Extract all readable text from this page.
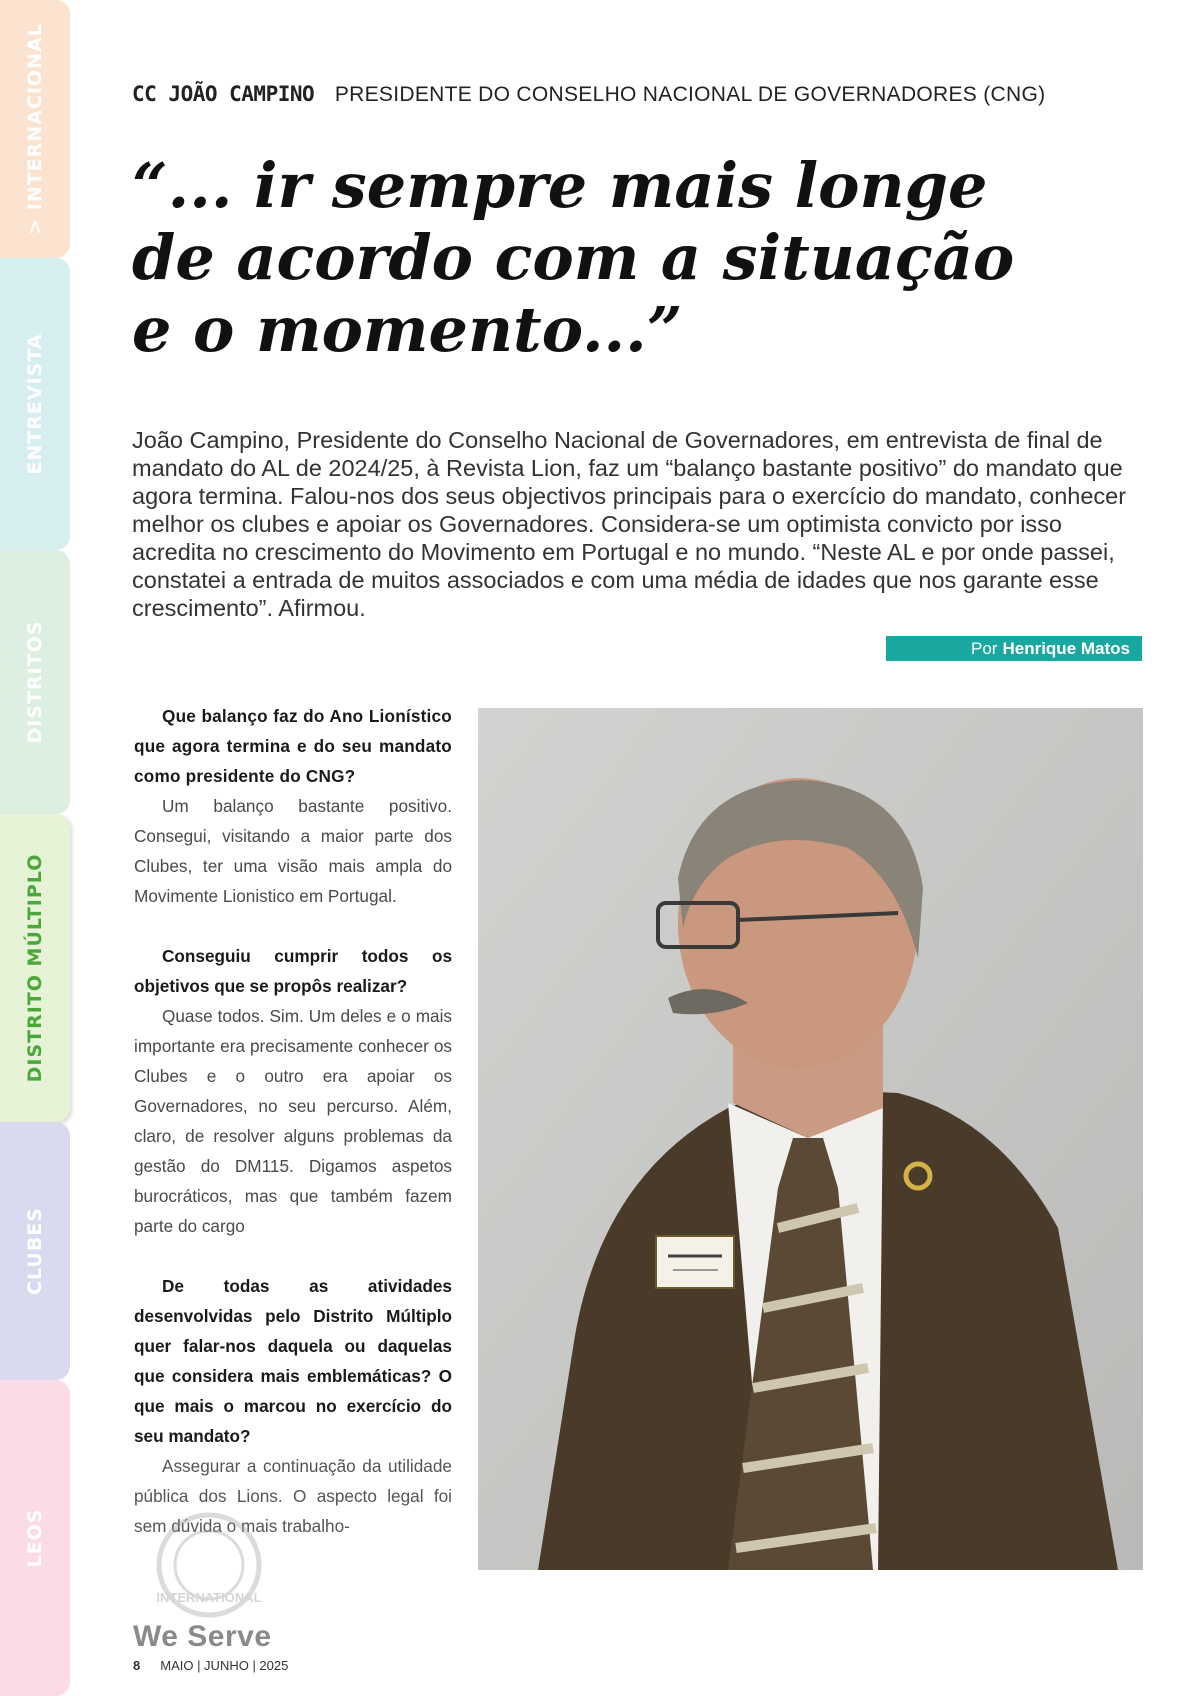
> INTERNACIONAL
ENTREVISTA
DISTRITOS
DISTRITO MÚLTIPLO
CLUBES
LEOS
CC JOÃO CAMPINO PRESIDENTE DO CONSELHO NACIONAL DE GOVERNADORES (CNG)
“... ir sempre mais longe
de acordo com a situação
e o momento...”

João Campino, Presidente do Conselho Nacional de Governadores, em entrevista de final de mandato do AL de 2024/25, à Revista Lion, faz um “balanço bastante positivo” do mandato que agora termina. Falou-nos dos seus objectivos principais para o exercício do mandato, conhecer melhor os clubes e apoiar os Governadores. Considera-se um optimista convicto por isso acredita no crescimento do Movimento em Portugal e no mundo. “Neste AL e por onde passei, constatei a entrada de muitos associados e com uma média de idades que nos garante esse crescimento”. Afirmou.

Por Henrique Matos

Que balanço faz do Ano Lionístico que agora termina e do seu mandato como presidente do CNG?

Um balanço bastante positivo. Consegui, visitando a maior parte dos Clubes, ter uma visão mais ampla do Movimente Lionistico em Portugal.

Conseguiu cumprir todos os objetivos que se propôs realizar?

Quase todos. Sim. Um deles e o mais importante era precisamente conhecer os Clubes e o outro era apoiar os Governadores, no seu percurso. Além, claro, de resolver alguns problemas da gestão do DM115. Digamos aspetos burocráticos, mas que também fazem parte do cargo

De todas as atividades desenvolvidas pelo Distrito Múltiplo quer falar-nos daquela ou daquelas que considera mais emblemáticas? O que mais o marcou no exercício do seu mandato?

Assegurar a continuação da utilidade pública dos Lions. O aspecto legal foi sem dúvida o mais trabalho-

INTERNATIONAL
We Serve
8 MAIO | JUNHO | 2025
